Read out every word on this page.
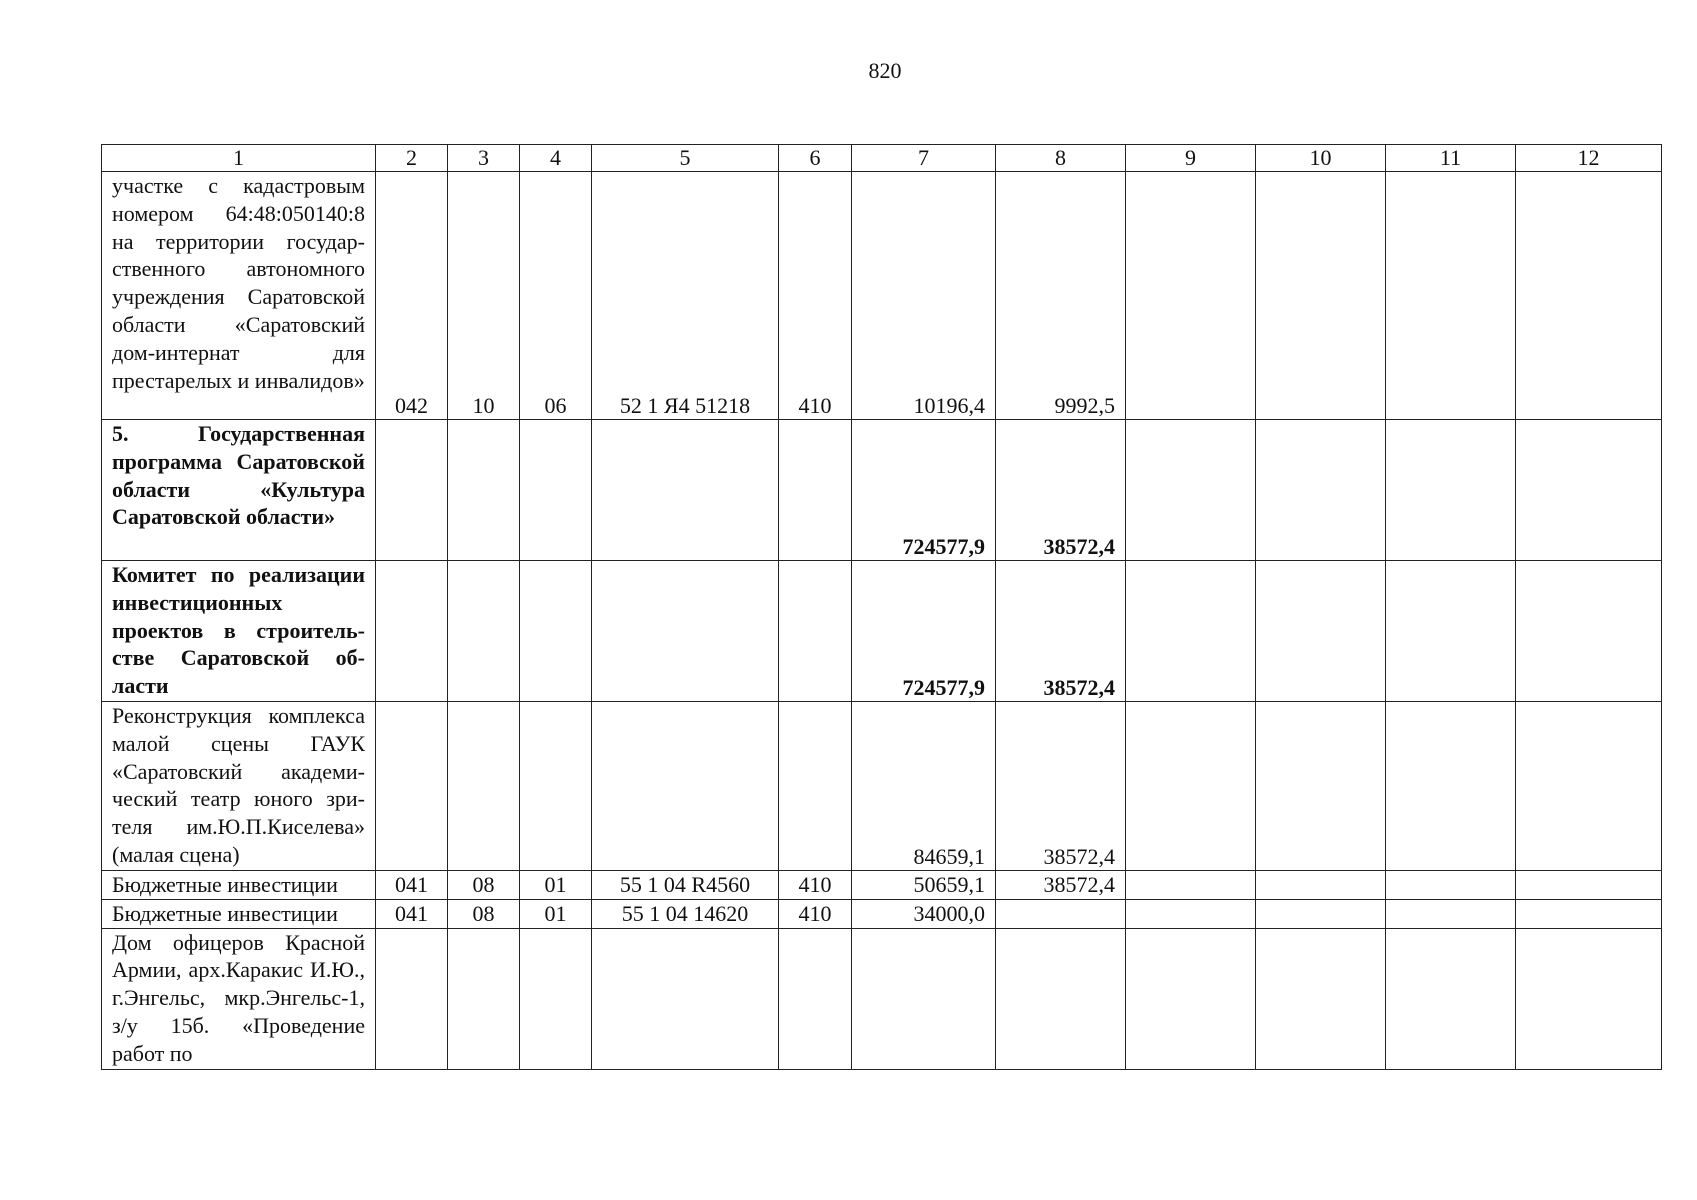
820
1	2	3	4	5	6	7	8	9	10	11	12
участке с кадастровым номером 64:48:050140:8 на территории государственного автономного учреждения Саратовской области «Саратовский дом-интернат для престарелых и инвалидов»	042	10	06	52 1 Я4 51218	410	10196,4	9992,5				
5. Государственная программа Саратовской области «Культура Саратовской области»						724577,9	38572,4				
Комитет по реализации инвестиционных проектов в строительстве Саратовской области						724577,9	38572,4				
Реконструкция комплекса малой сцены ГАУК «Саратовский академический театр юного зрителя им.Ю.П.Киселева» (малая сцена)						84659,1	38572,4				
Бюджетные инвестиции	041	08	01	55 1 04 R4560	410	50659,1	38572,4				
Бюджетные инвестиции	041	08	01	55 1 04 14620	410	34000,0					
Дом офицеров Красной Армии, арх.Каракис И.Ю., г.Энгельс, мкр.Энгельс-1, з/у 15б. «Проведение работ по											
